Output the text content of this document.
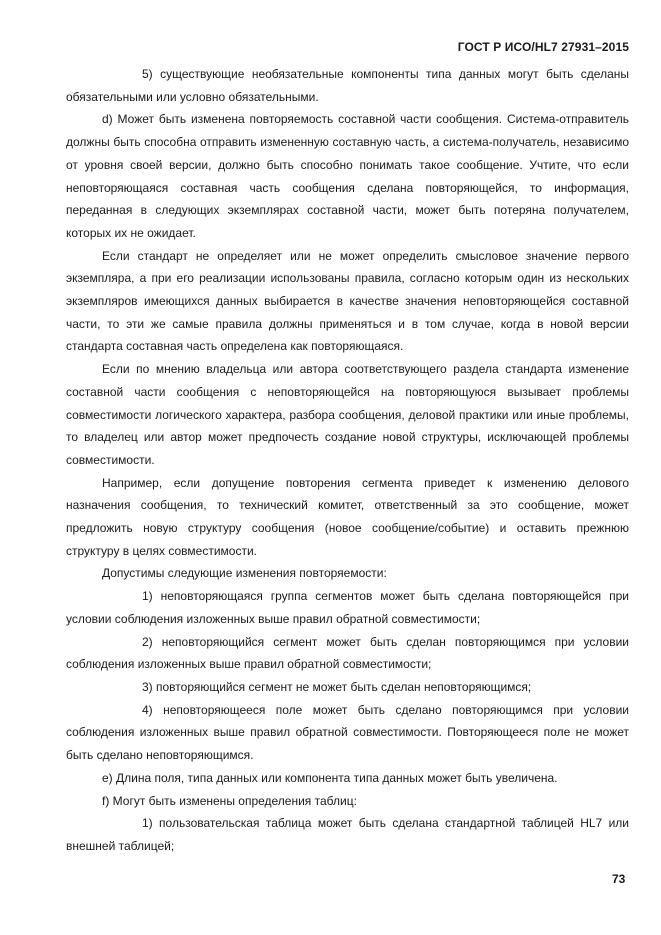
ГОСТ Р ИСО/HL7 27931–2015

5) существующие необязательные компоненты типа данных могут быть сделаны обязательными или условно обязательными.

d) Может быть изменена повторяемость составной части сообщения. Система-отправитель должны быть способна отправить измененную составную часть, а система-получатель, независимо от уровня своей версии, должно быть способно понимать такое сообщение. Учтите, что если неповторяющаяся составная часть сообщения сделана повторяющейся, то информация, переданная в следующих экземплярах составной части, может быть потеряна получателем, которых их не ожидает.

Если стандарт не определяет или не может определить смысловое значение первого экземпляра, а при его реализации использованы правила, согласно которым один из нескольких экземпляров имеющихся данных выбирается в качестве значения неповторяющейся составной части, то эти же самые правила должны применяться и в том случае, когда в новой версии стандарта составная часть определена как повторяющаяся.

Если по мнению владельца или автора соответствующего раздела стандарта изменение составной части сообщения с неповторяющейся на повторяющуюся вызывает проблемы совместимости логического характера, разбора сообщения, деловой практики или иные проблемы, то владелец или автор может предпочесть создание новой структуры, исключающей проблемы совместимости.

Например, если допущение повторения сегмента приведет к изменению делового назначения сообщения, то технический комитет, ответственный за это сообщение, может предложить новую структуру сообщения (новое сообщение/событие) и оставить прежнюю структуру в целях совместимости.

Допустимы следующие изменения повторяемости:

1) неповторяющаяся группа сегментов может быть сделана повторяющейся при условии соблюдения изложенных выше правил обратной совместимости;

2) неповторяющийся сегмент может быть сделан повторяющимся при условии соблюдения изложенных выше правил обратной совместимости;

3) повторяющийся сегмент не может быть сделан неповторяющимся;

4) неповторяющееся поле может быть сделано повторяющимся при условии соблюдения изложенных выше правил обратной совместимости. Повторяющееся поле не может быть сделано неповторяющимся.

e) Длина поля, типа данных или компонента типа данных может быть увеличена.

f) Могут быть изменены определения таблиц:

1) пользовательская таблица может быть сделана стандартной таблицей HL7 или внешней таблицей;

73
